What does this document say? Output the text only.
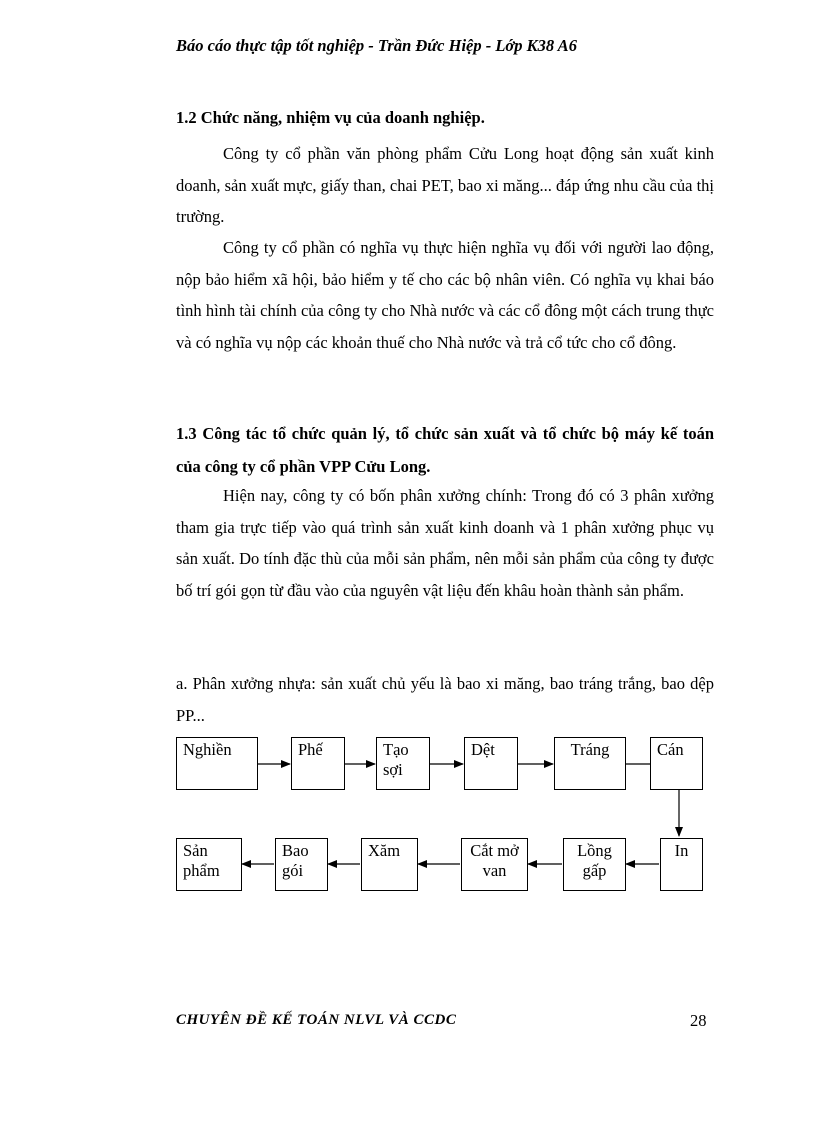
Báo cáo thực tập tốt nghiệp - Trần Đức Hiệp - Lớp K38 A6
1.2 Chức năng, nhiệm vụ của doanh nghiệp.

Công ty cổ phần văn phòng phẩm Cửu Long hoạt động sản xuất kinh doanh, sản xuất mực, giấy than, chai PET, bao xi măng... đáp ứng nhu cầu của thị trường.

Công ty cổ phần có nghĩa vụ thực hiện nghĩa vụ đối với người lao động, nộp bảo hiểm xã hội, bảo hiểm y tế cho các bộ nhân viên. Có nghĩa vụ khai báo tình hình tài chính của công ty cho Nhà nước và các cổ đông một cách trung thực và có nghĩa vụ nộp các khoản thuế cho Nhà nước và trả cổ tức cho cổ đông.

1.3 Công tác tổ chức quản lý, tổ chức sản xuất và tổ chức bộ máy kế toán của công ty cổ phần VPP Cửu Long.

Hiện nay, công ty có bốn phân xưởng chính: Trong đó có 3 phân xưởng tham gia trực tiếp vào quá trình sản xuất kinh doanh và 1 phân xưởng phục vụ sản xuất. Do tính đặc thù của mỗi sản phẩm, nên mỗi sản phẩm của công ty được bố trí gói gọn từ đầu vào của nguyên vật liệu đến khâu hoàn thành sản phẩm.

a. Phân xưởng nhựa: sản xuất chủ yếu là bao xi măng, bao tráng trắng, bao dệp PP...

Nghiền	Phế	Tạo sợi
Dệt	Tráng	Cán
Sản phẩm
Bao gói
Xăm	Cắt mở van
Lồng gấp
In
CHUYÊN ĐỀ KẾ TOÁN NLVL VÀ CCDC	28
